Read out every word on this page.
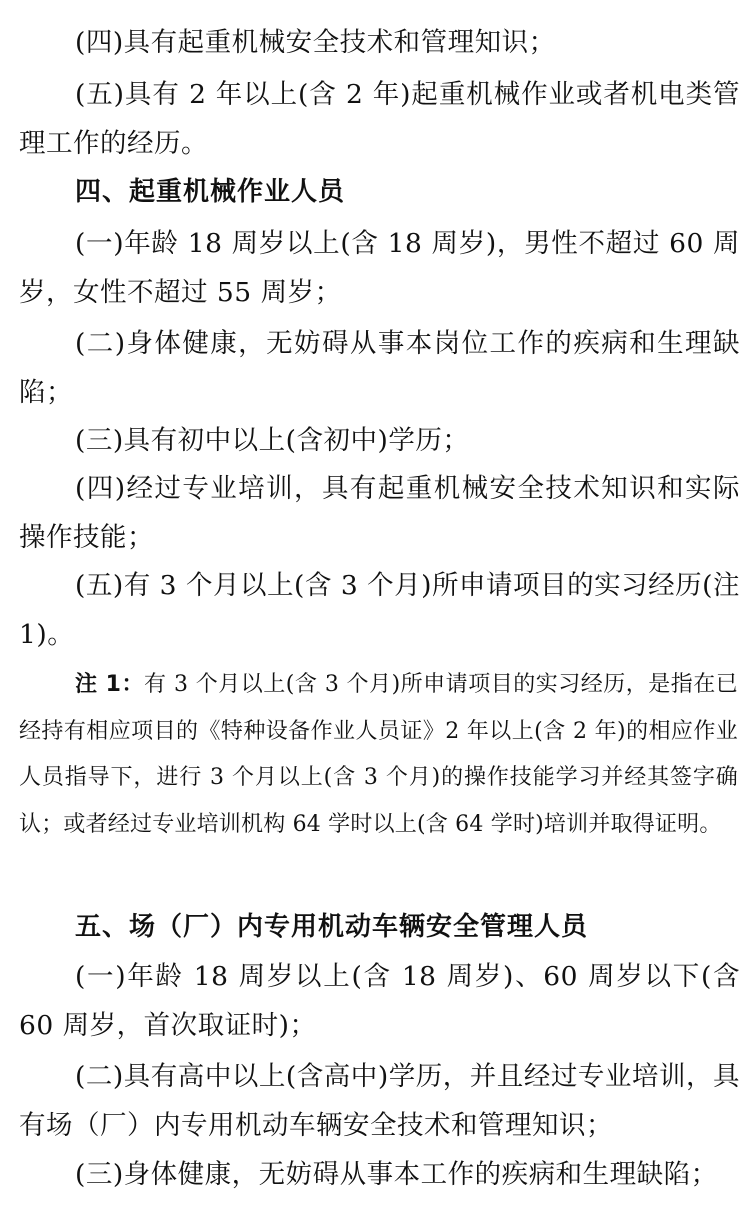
(四)具有起重机械安全技术和管理知识；

(五)具有 2 年以上(含 2 年)起重机械作业或者机电类管理工作的经历。

四、起重机械作业人员

(一)年龄 18 周岁以上(含 18 周岁)，男性不超过 60 周岁，女性不超过 55 周岁；

(二)身体健康，无妨碍从事本岗位工作的疾病和生理缺陷；

(三)具有初中以上(含初中)学历；

(四)经过专业培训，具有起重机械安全技术知识和实际操作技能；

(五)有 3 个月以上(含 3 个月)所申请项目的实习经历(注 1)。

注 1：有 3 个月以上(含 3 个月)所申请项目的实习经历，是指在已经持有相应项目的《特种设备作业人员证》2 年以上(含 2 年)的相应作业人员指导下，进行 3 个月以上(含 3 个月)的操作技能学习并经其签字确认；或者经过专业培训机构 64 学时以上(含 64 学时)培训并取得证明。

五、场（厂）内专用机动车辆安全管理人员

(一)年龄 18 周岁以上(含 18 周岁)、60 周岁以下(含 60 周岁，首次取证时)；

(二)具有高中以上(含高中)学历，并且经过专业培训，具有场（厂）内专用机动车辆安全技术和管理知识；

(三)身体健康，无妨碍从事本工作的疾病和生理缺陷；
